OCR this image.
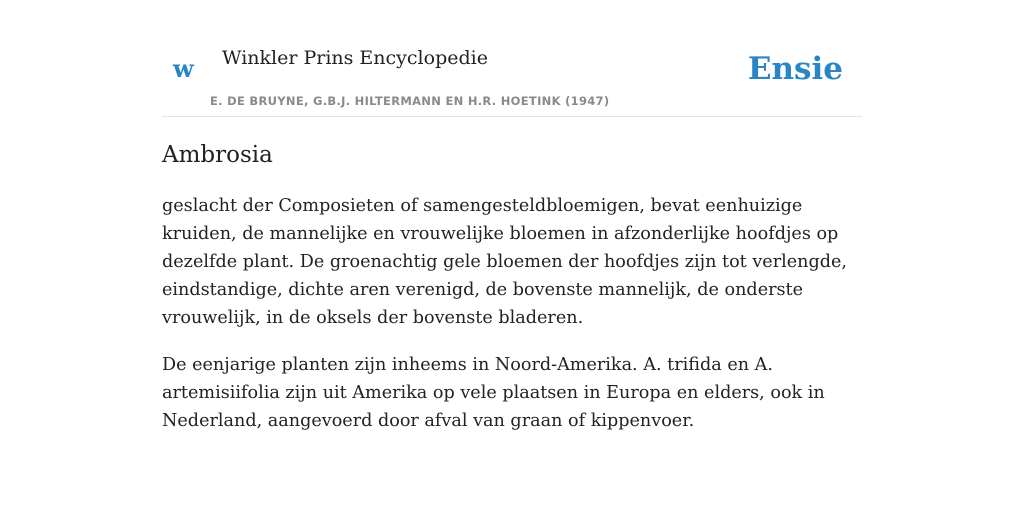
w Winkler Prins Encyclopedie
E. DE BRUYNE, G.B.J. HILTERMANN EN H.R. HOETINK (1947)
Ensie
Ambrosia

geslacht der Composieten of samengesteldbloemigen, bevat eenhuizige kruiden, de mannelijke en vrouwelijke bloemen in afzonderlijke hoofdjes op dezelfde plant. De groenachtig gele bloemen der hoofdjes zijn tot verlengde, eindstandige, dichte aren verenigd, de bovenste mannelijk, de onderste vrouwelijk, in de oksels der bovenste bladeren.

De eenjarige planten zijn inheems in Noord-Amerika. A. trifida en A. artemisiifolia zijn uit Amerika op vele plaatsen in Europa en elders, ook in Nederland, aangevoerd door afval van graan of kippenvoer.
